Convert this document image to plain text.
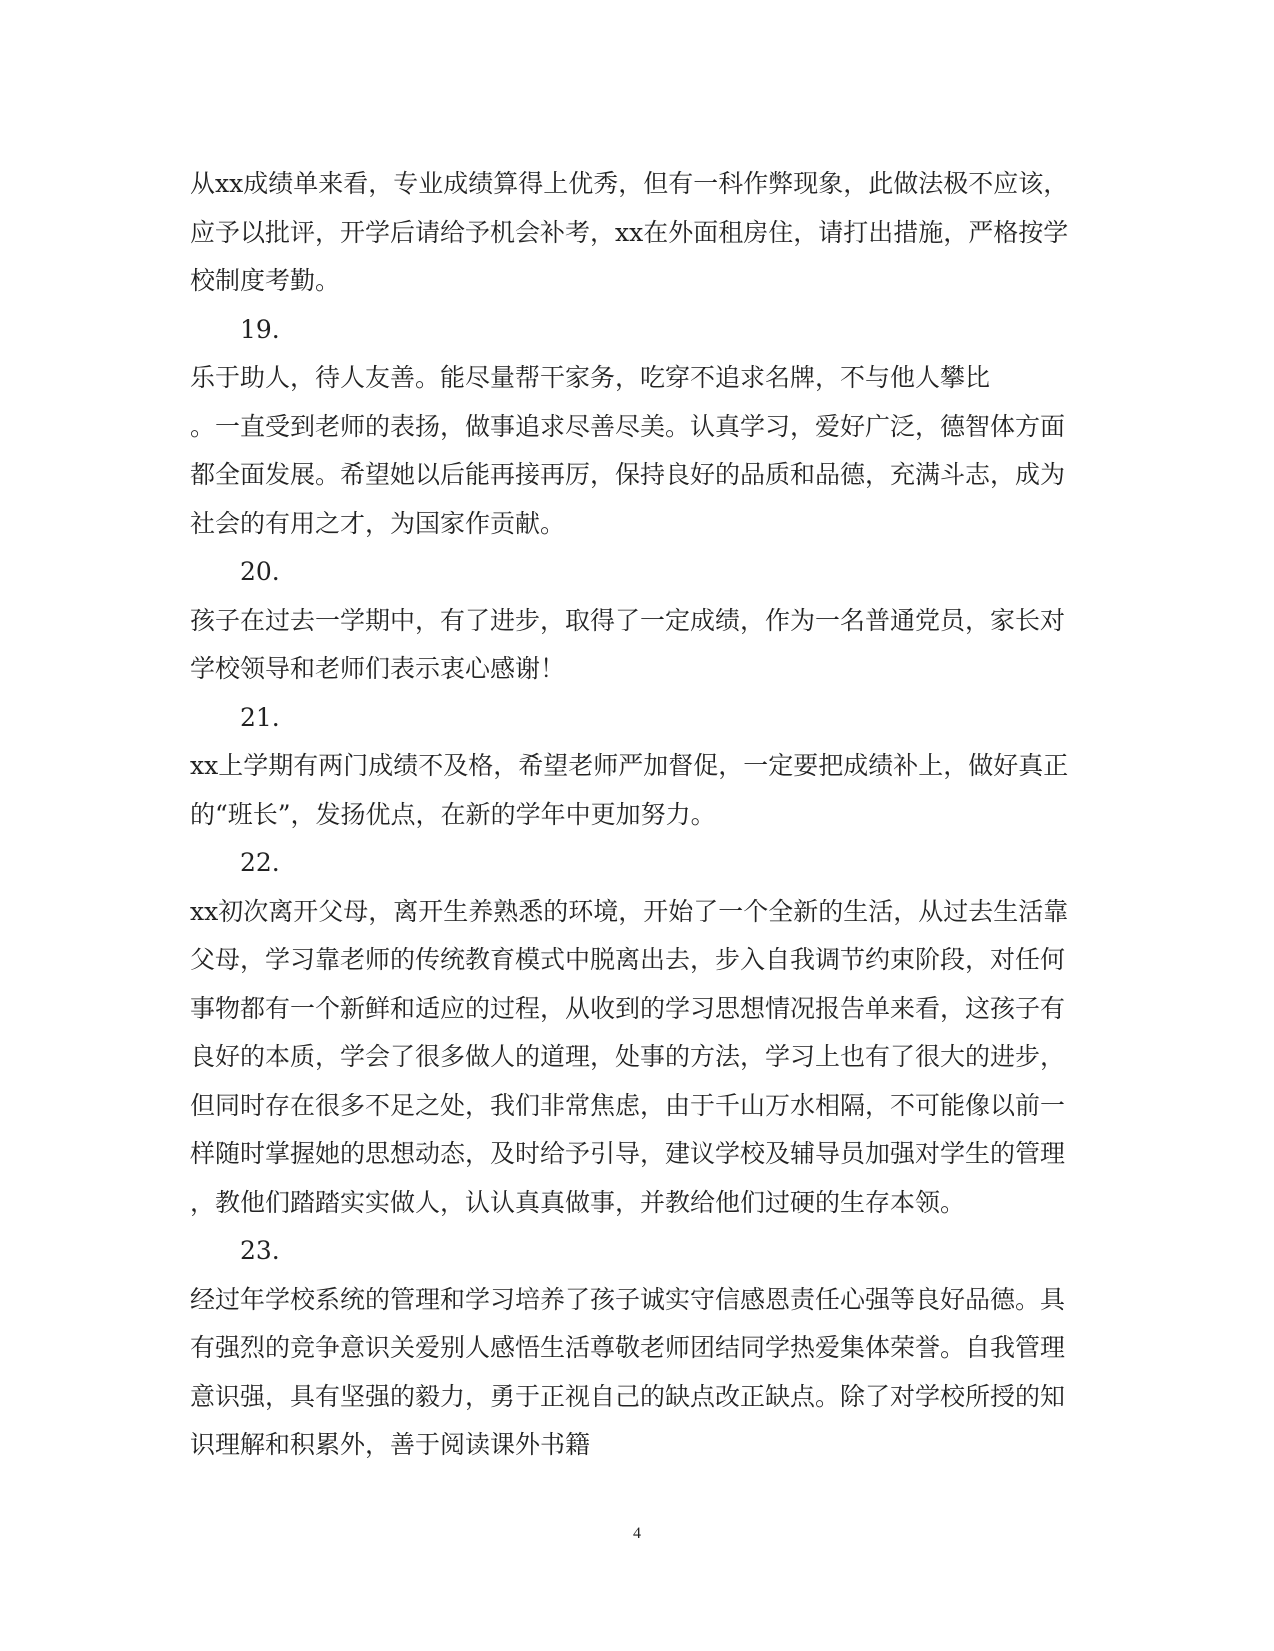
从xx成绩单来看，专业成绩算得上优秀，但有一科作弊现象，此做法极不应该，
应予以批评，开学后请给予机会补考，xx在外面租房住，请打出措施，严格按学
校制度考勤。
19.
乐于助人，待人友善。能尽量帮干家务，吃穿不追求名牌，不与他人攀比
。一直受到老师的表扬，做事追求尽善尽美。认真学习，爱好广泛，德智体方面
都全面发展。希望她以后能再接再厉，保持良好的品质和品德，充满斗志，成为
社会的有用之才，为国家作贡献。
20.
孩子在过去一学期中，有了进步，取得了一定成绩，作为一名普通党员，家长对
学校领导和老师们表示衷心感谢！
21.
xx上学期有两门成绩不及格，希望老师严加督促，一定要把成绩补上，做好真正
的“班长”，发扬优点，在新的学年中更加努力。
22.
xx初次离开父母，离开生养熟悉的环境，开始了一个全新的生活，从过去生活靠
父母，学习靠老师的传统教育模式中脱离出去，步入自我调节约束阶段，对任何
事物都有一个新鲜和适应的过程，从收到的学习思想情况报告单来看，这孩子有
良好的本质，学会了很多做人的道理，处事的方法，学习上也有了很大的进步，
但同时存在很多不足之处，我们非常焦虑，由于千山万水相隔，不可能像以前一
样随时掌握她的思想动态，及时给予引导，建议学校及辅导员加强对学生的管理
，教他们踏踏实实做人，认认真真做事，并教给他们过硬的生存本领。
23.
经过年学校系统的管理和学习培养了孩子诚实守信感恩责任心强等良好品德。具
有强烈的竞争意识关爱别人感悟生活尊敬老师团结同学热爱集体荣誉。自我管理
意识强，具有坚强的毅力，勇于正视自己的缺点改正缺点。除了对学校所授的知
识理解和积累外，善于阅读课外书籍
4
